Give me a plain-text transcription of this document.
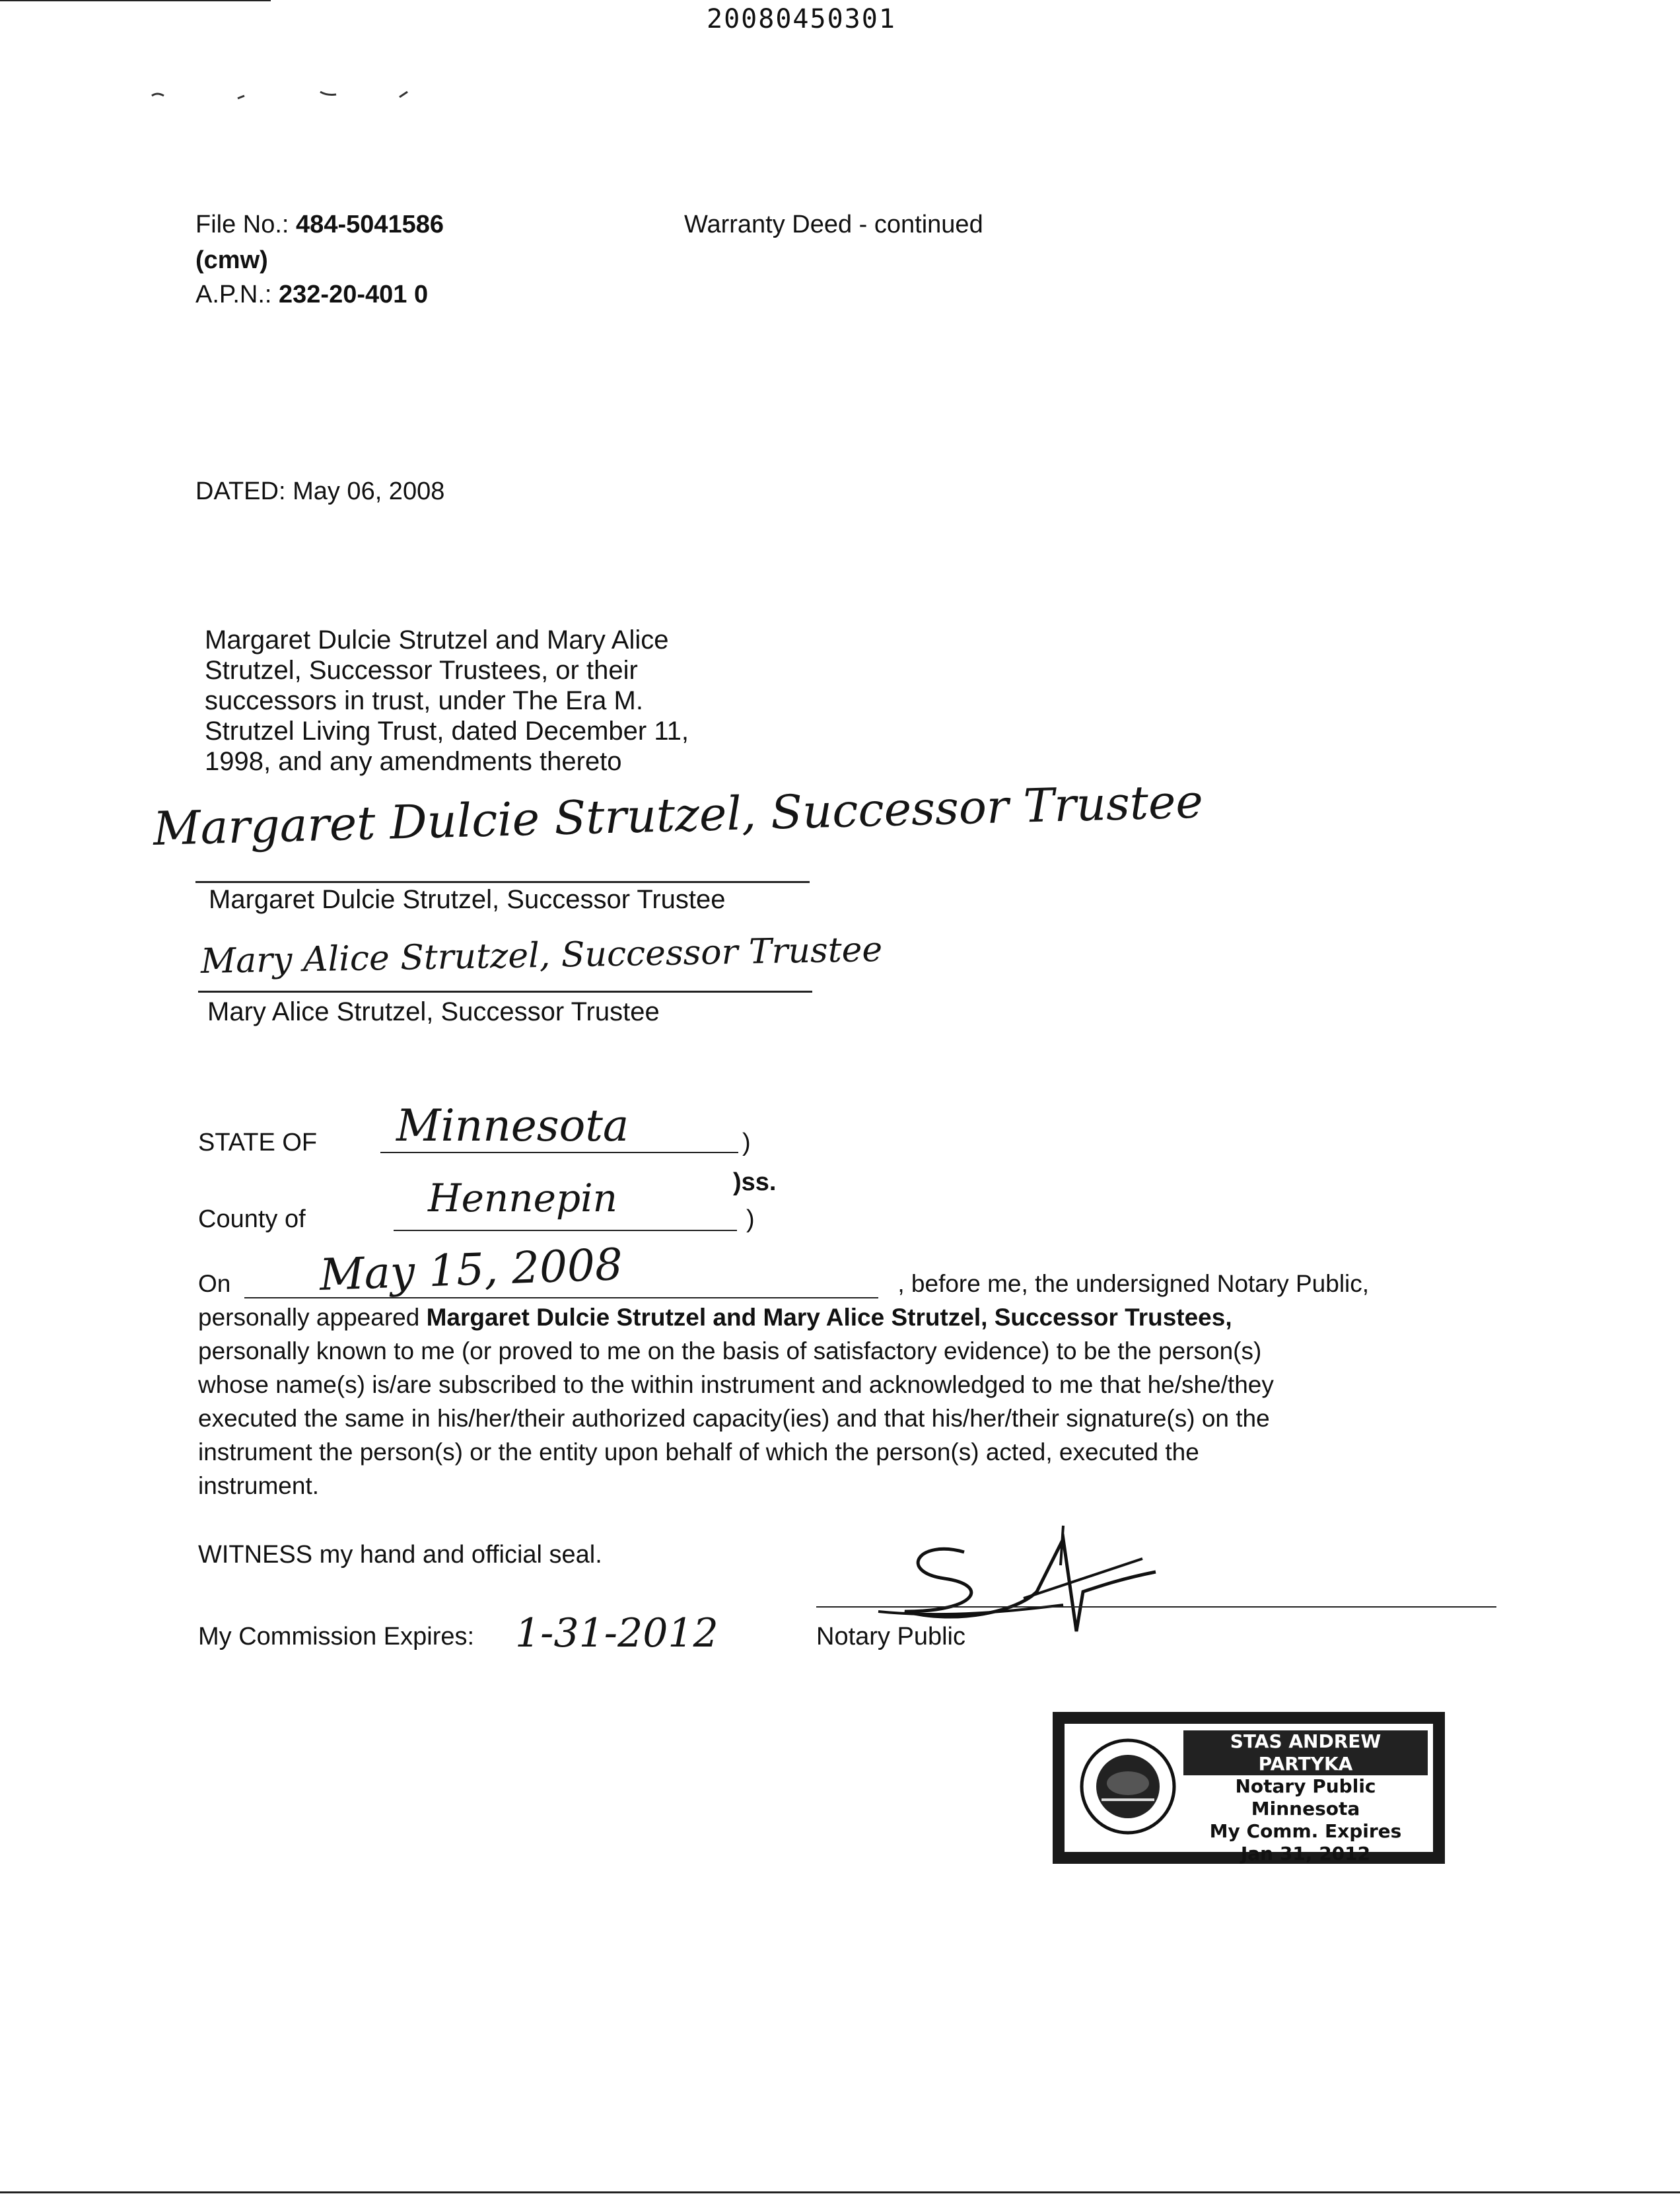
20080450301
File No.: 484-5041586
(cmw)
A.P.N.: 232-20-401 0
Warranty Deed - continued
DATED: May 06, 2008

Margaret Dulcie Strutzel and Mary Alice

Strutzel, Successor Trustees, or their

successors in trust, under The Era M.

Strutzel Living Trust, dated December 11,

1998, and any amendments thereto

Margaret Dulcie Strutzel, Successor Trustee
Margaret Dulcie Strutzel, Successor Trustee
Mary Alice Strutzel, Successor Trustee
Mary Alice Strutzel, Successor Trustee
STATE OF Minnesota	)
)ss.
County of	Hennepin	)
May 15, 2008
On	, before me, the undersigned Notary Public,
personally appeared Margaret Dulcie Strutzel and Mary Alice Strutzel, Successor Trustees,
personally known to me (or proved to me on the basis of satisfactory evidence) to be the person(s)
whose name(s) is/are subscribed to the within instrument and acknowledged to me that he/she/they
executed the same in his/her/their authorized capacity(ies) and that his/her/their signature(s) on the
instrument the person(s) or the entity upon behalf of which the person(s) acted, executed the
instrument.
WITNESS my hand and official seal.
My Commission Expires: 1-31-2012	Notary Public
STAS ANDREW PARTYKA
Notary Public
Minnesota
My Comm. Expires
Jan 31, 2012
